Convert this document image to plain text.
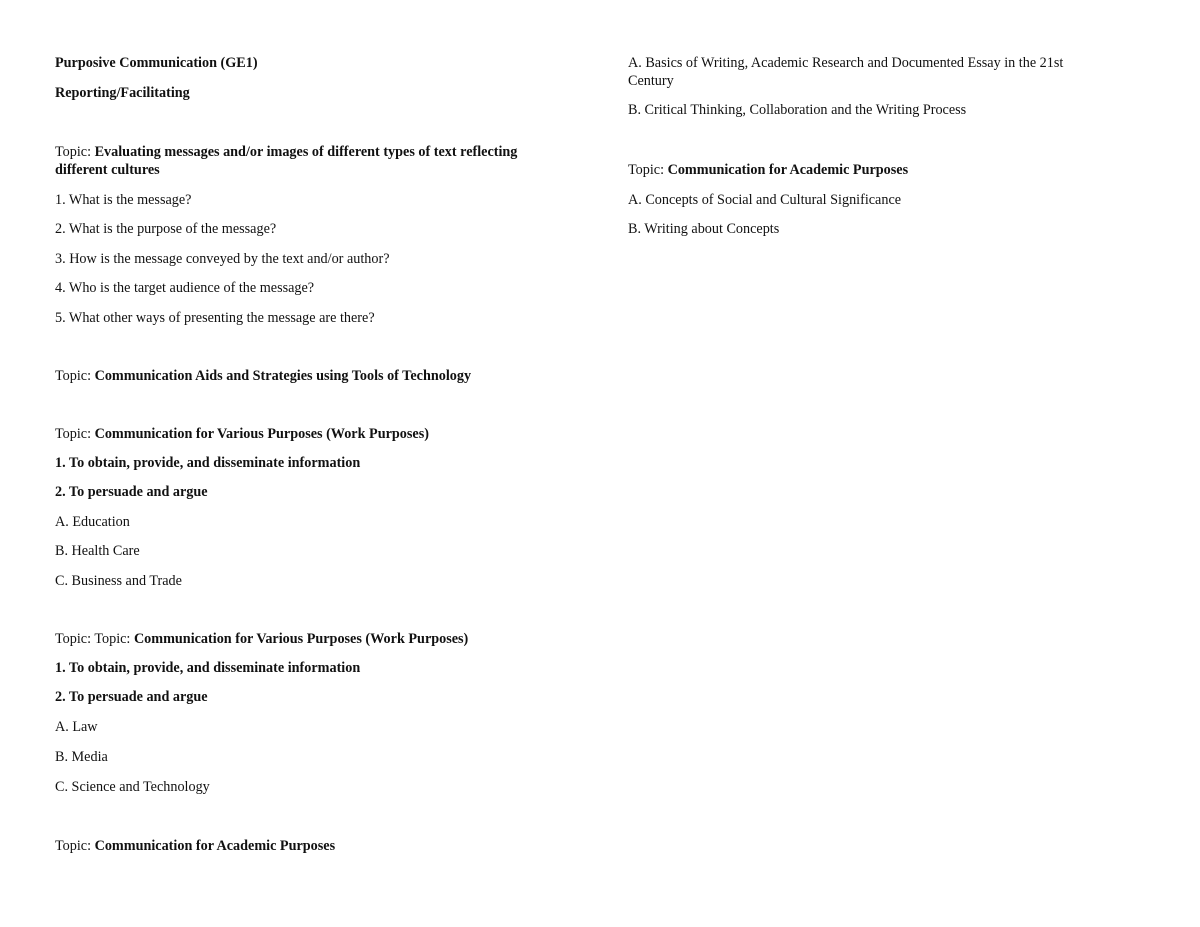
Purposive Communication (GE1)
Reporting/Facilitating
Topic: Evaluating messages and/or images of different types of text reflecting different cultures
1. What is the message?
2. What is the purpose of the message?
3. How is the message conveyed by the text and/or author?
4. Who is the target audience of the message?
5. What other ways of presenting the message are there?
Topic: Communication Aids and Strategies using Tools of Technology
Topic: Communication for Various Purposes (Work Purposes)
1. To obtain, provide, and disseminate information
2. To persuade and argue
A. Education
B. Health Care
C. Business and Trade
Topic: Topic: Communication for Various Purposes (Work Purposes)
1. To obtain, provide, and disseminate information
2. To persuade and argue
A. Law
B. Media
C. Science and Technology
Topic: Communication for Academic Purposes
A. Basics of Writing, Academic Research and Documented Essay in the 21st Century
B. Critical Thinking, Collaboration and the Writing Process
Topic: Communication for Academic Purposes
A. Concepts of Social and Cultural Significance
B. Writing about Concepts
